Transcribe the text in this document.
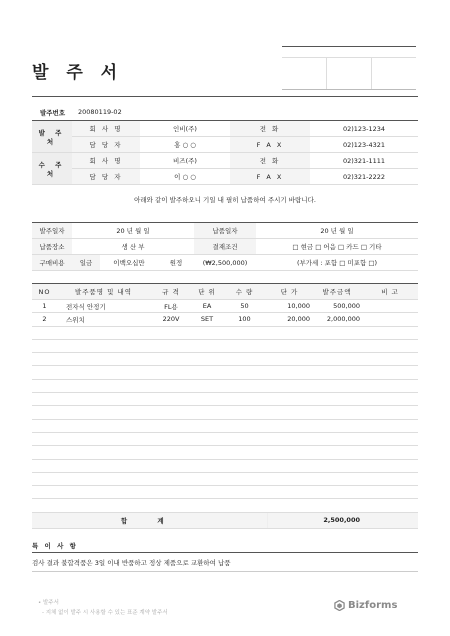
발 주 서
발주번호 20080119-02
발 주 처	회 사 명	인비(주)	전 화	02)123-1234
	담 당 자	홍 ○ ○	F A X	02)123-4321
수 주 처	회 사 명	비즈(주)	전 화	02)321-1111
	담 당 자	이 ○ ○	F A X	02)321-2222
아래와 같이 발주하오니 기일 내 필히 납품하여 주시기 바랍니다.
발주일자	20 년 월 일			납품일자	20 년 월 일
납품장소	생 산 부			결재조건	□ 현금 □ 어음 □ 카드 □ 기타
구매비용	일금	이백오십만	원정	(₩2,500,000)	(부가세 : 포함 □ 미포함 □)
NO	발주품명 및 내역	규 격	단 위	수 량	단 가	발주금액	비 고
1	전자식 안정기	FL용	EA	50	10,000	500,000	
2	스위치	220V	SET	100	20,000	2,000,000	

합 계						2,500,000	
특 이 사 항
검사 결과 불합격품은 3일 이내 반품하고 정상 제품으로 교환하여 납품
• 발주서
- 지체 없이 발주 시 사용할 수 있는 표준 계약 발주서
Bizforms
